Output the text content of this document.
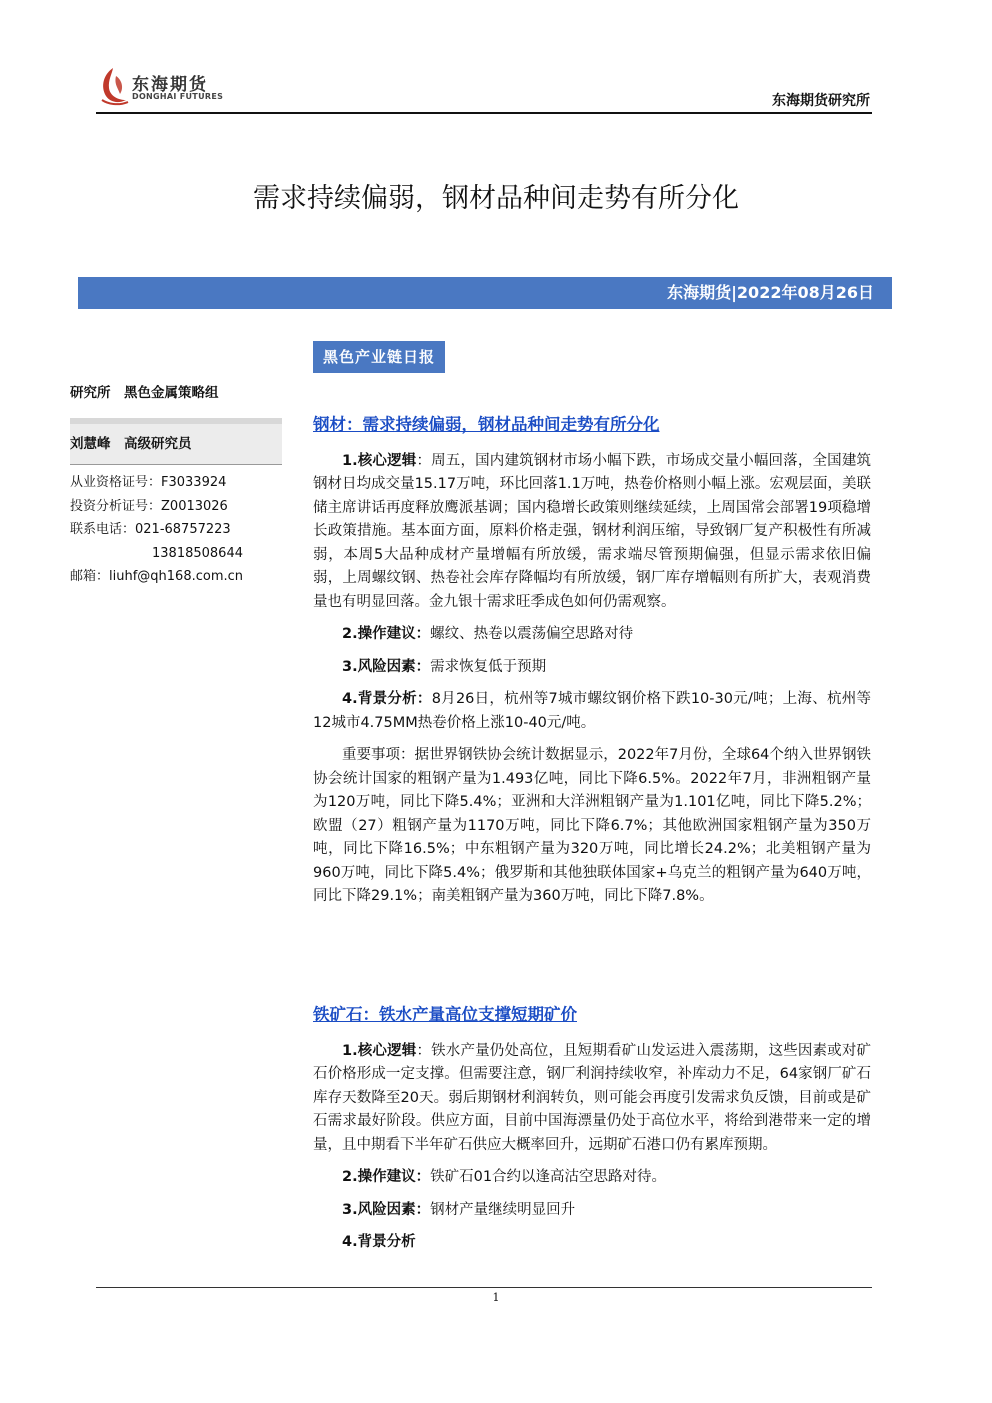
东海期货
DONGHAI FUTURES	东海期货研究所
需求持续偏弱，钢材品种间走势有所分化
东海期货|2022年08月26日
黑色产业链日报
研究所　黑色金属策略组
刘慧峰　高级研究员
从业资格证号：F3033924
投资分析证号：Z0013026
联系电话：021-68757223
13818508644
邮箱：liuhf@qh168.com.cn
钢材：需求持续偏弱，钢材品种间走势有所分化

1.核心逻辑：周五，国内建筑钢材市场小幅下跌，市场成交量小幅回落，全国建筑钢材日均成交量15.17万吨，环比回落1.1万吨，热卷价格则小幅上涨。宏观层面，美联储主席讲话再度释放鹰派基调；国内稳增长政策则继续延续，上周国常会部署19项稳增长政策措施。基本面方面，原料价格走强，钢材利润压缩，导致钢厂复产积极性有所减弱，本周5大品种成材产量增幅有所放缓，需求端尽管预期偏强，但显示需求依旧偏弱，上周螺纹钢、热卷社会库存降幅均有所放缓，钢厂库存增幅则有所扩大，表观消费量也有明显回落。金九银十需求旺季成色如何仍需观察。

2.操作建议：螺纹、热卷以震荡偏空思路对待

3.风险因素：需求恢复低于预期

4.背景分析：8月26日，杭州等7城市螺纹钢价格下跌10-30元/吨；上海、杭州等12城市4.75MM热卷价格上涨10-40元/吨。

重要事项：据世界钢铁协会统计数据显示，2022年7月份，全球64个纳入世界钢铁协会统计国家的粗钢产量为1.493亿吨，同比下降6.5%。2022年7月，非洲粗钢产量为120万吨，同比下降5.4%；亚洲和大洋洲粗钢产量为1.101亿吨，同比下降5.2%；欧盟（27）粗钢产量为1170万吨，同比下降6.7%；其他欧洲国家粗钢产量为350万吨，同比下降16.5%；中东粗钢产量为320万吨，同比增长24.2%；北美粗钢产量为960万吨，同比下降5.4%；俄罗斯和其他独联体国家+乌克兰的粗钢产量为640万吨，同比下降29.1%；南美粗钢产量为360万吨，同比下降7.8%。

铁矿石：铁水产量高位支撑短期矿价

1.核心逻辑：铁水产量仍处高位，且短期看矿山发运进入震荡期，这些因素或对矿石价格形成一定支撑。但需要注意，钢厂利润持续收窄，补库动力不足，64家钢厂矿石库存天数降至20天。弱后期钢材利润转负，则可能会再度引发需求负反馈，目前或是矿石需求最好阶段。供应方面，目前中国海漂量仍处于高位水平，将给到港带来一定的增量，且中期看下半年矿石供应大概率回升，远期矿石港口仍有累库预期。

2.操作建议：铁矿石01合约以逢高沽空思路对待。

3.风险因素：钢材产量继续明显回升

4.背景分析

1
